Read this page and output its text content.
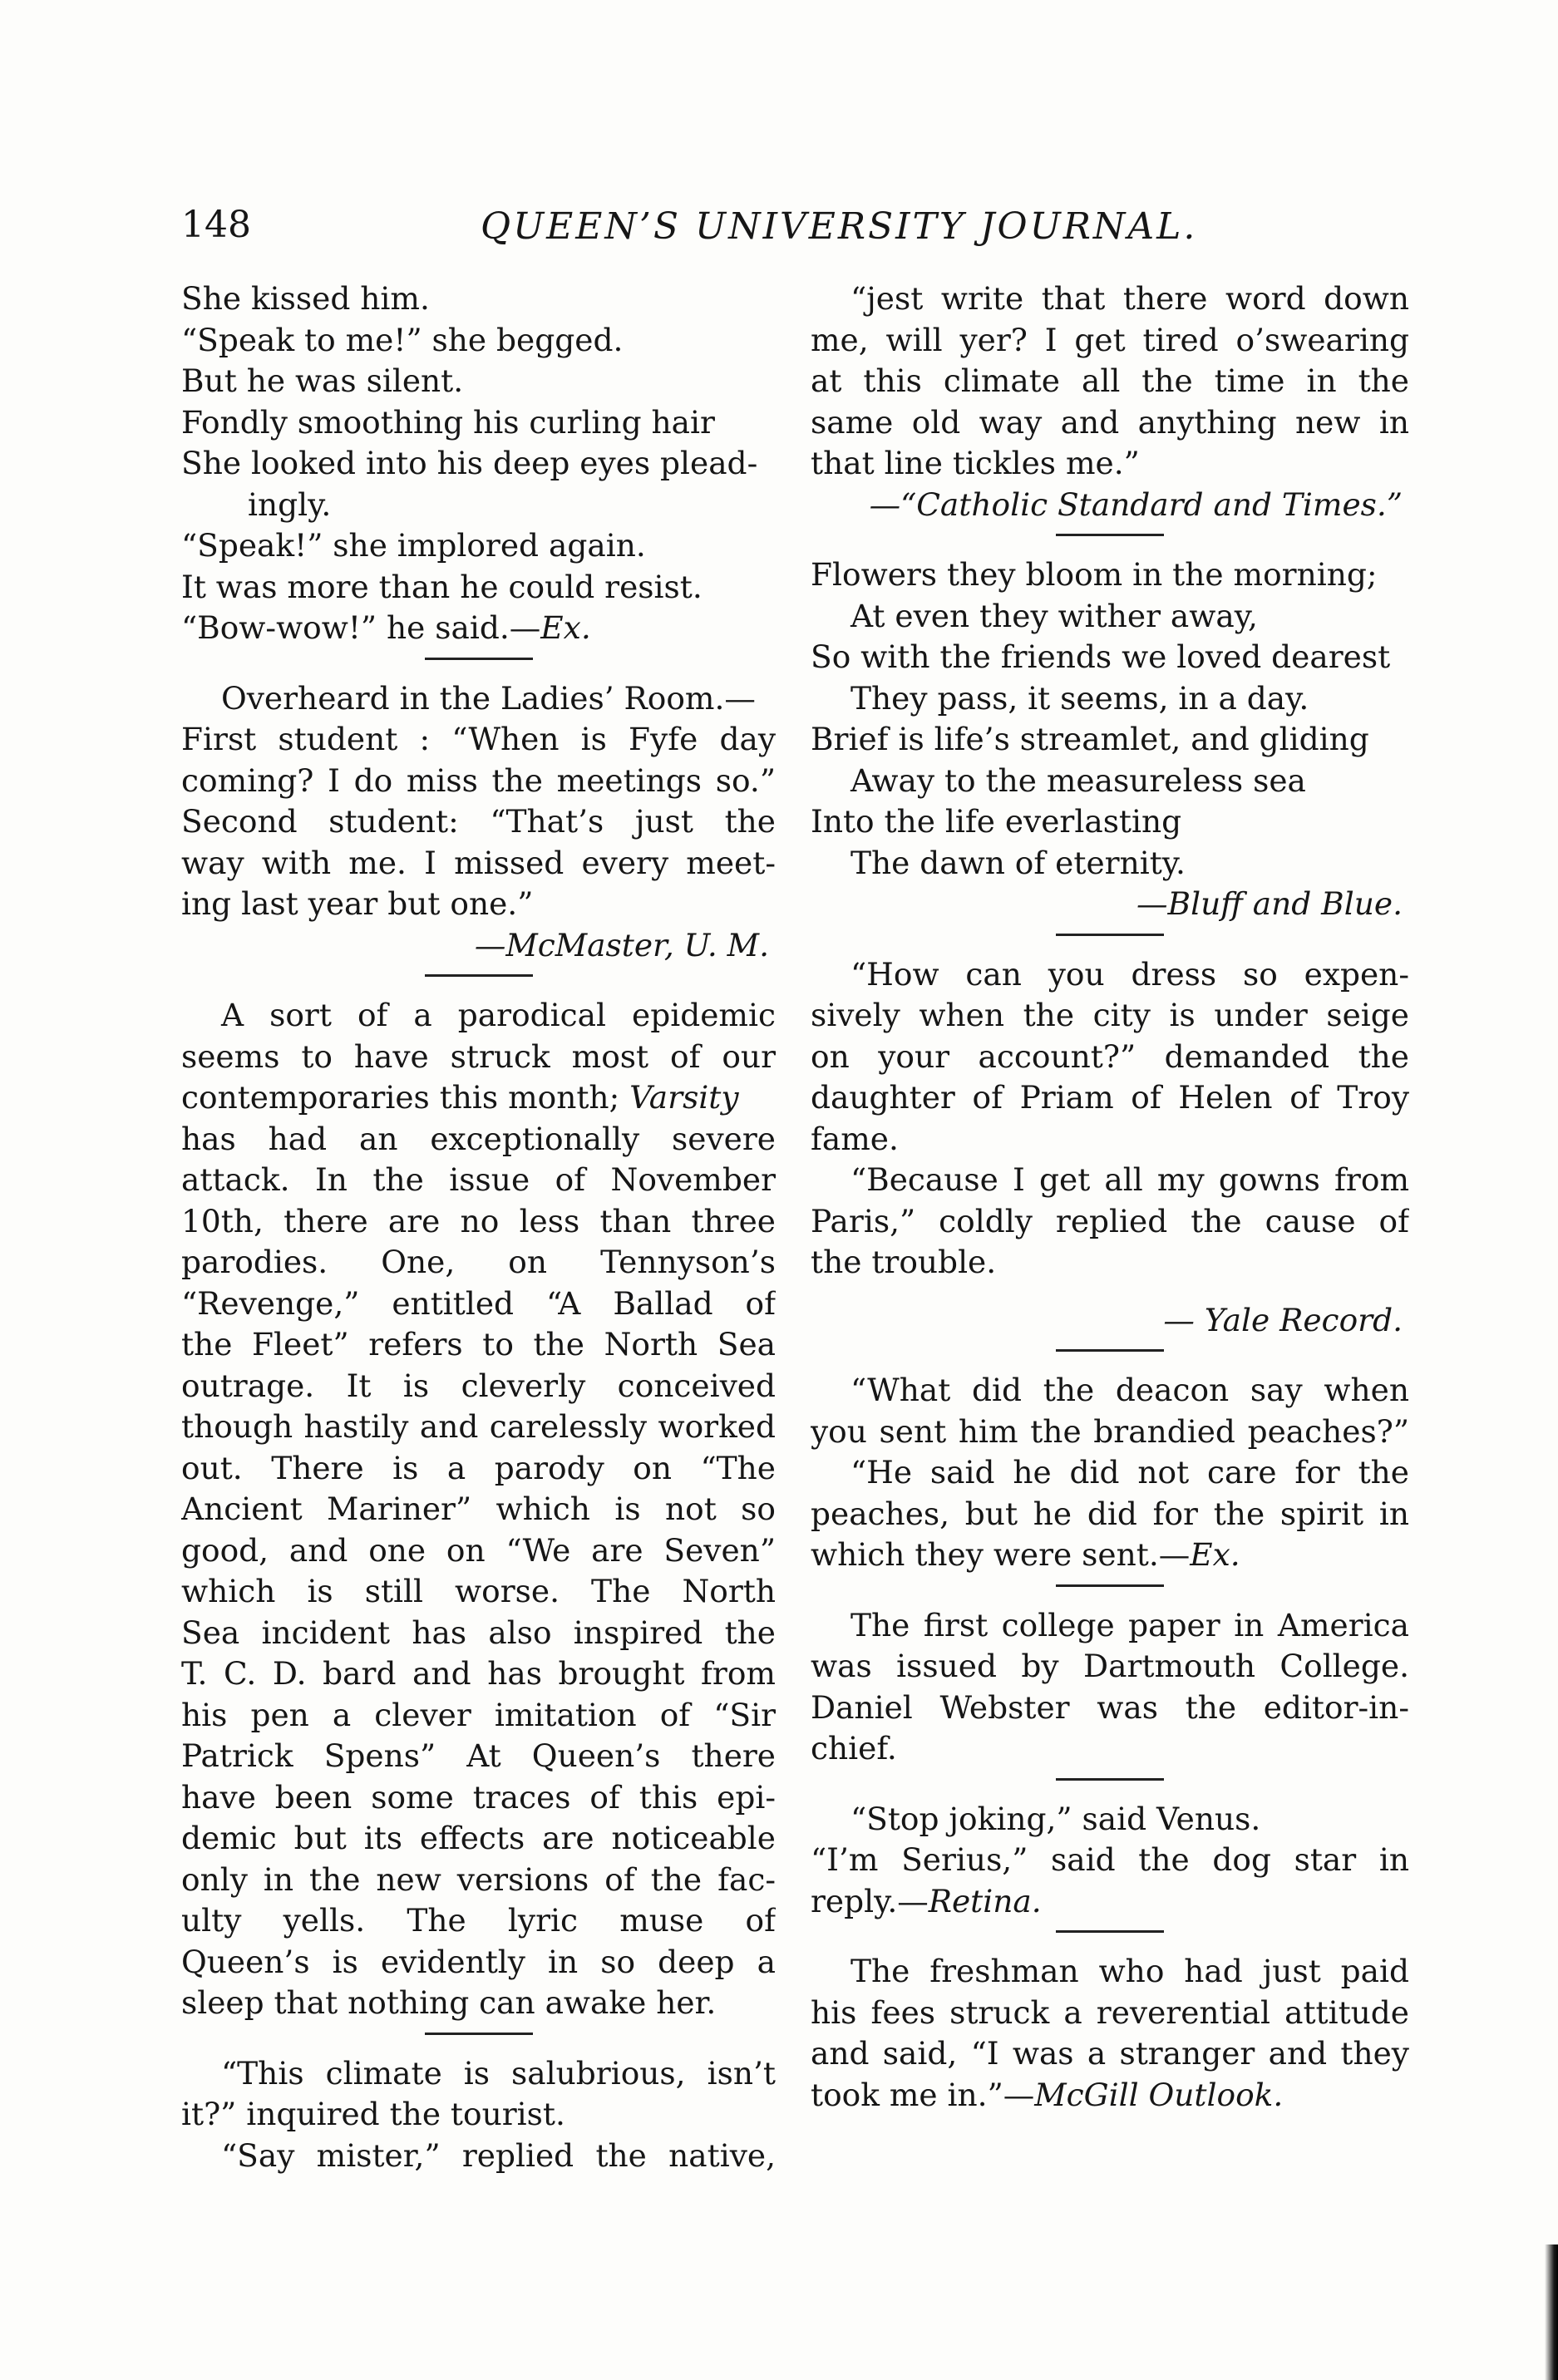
148	QUEEN’S UNIVERSITY JOURNAL.
She kissed him.
“Speak to me!” she begged.
But he was silent.
Fondly smoothing his curling hair
She looked into his deep eyes plead-
ingly.
“Speak!” she implored again.
It was more than he could resist.
“Bow-wow!” he said.—Ex.
Overheard in the Ladies’ Room.—
First student : “When is Fyfe day
coming? I do miss the meetings so.”
Second student: “That’s just the
way with me. I missed every meet-
ing last year but one.”
—McMaster, U. M.
A sort of a parodical epidemic
seems to have struck most of our
contemporaries this month; Varsity
has had an exceptionally severe
attack. In the issue of November
10th, there are no less than three
parodies. One, on Tennyson’s
“Revenge,” entitled “A Ballad of
the Fleet” refers to the North Sea
outrage. It is cleverly conceived
though hastily and carelessly worked
out. There is a parody on “The
Ancient Mariner” which is not so
good, and one on “We are Seven”
which is still worse. The North
Sea incident has also inspired the
T. C. D. bard and has brought from
his pen a clever imitation of “Sir
Patrick Spens” At Queen’s there
have been some traces of this epi-
demic but its effects are noticeable
only in the new versions of the fac-
ulty yells. The lyric muse of
Queen’s is evidently in so deep a
sleep that nothing can awake her.
“This climate is salubrious, isn’t
it?” inquired the tourist.
“Say mister,” replied the native,
“jest write that there word down
me, will yer? I get tired o’swearing
at this climate all the time in the
same old way and anything new in
that line tickles me.”
—“Catholic Standard and Times.”
Flowers they bloom in the morning;
At even they wither away,
So with the friends we loved dearest
They pass, it seems, in a day.
Brief is life’s streamlet, and gliding
Away to the measureless sea
Into the life everlasting
The dawn of eternity.
—Bluff and Blue.
“How can you dress so expen-
sively when the city is under seige
on your account?” demanded the
daughter of Priam of Helen of Troy
fame.
“Because I get all my gowns from
Paris,” coldly replied the cause of
the trouble.
— Yale Record.
“What did the deacon say when
you sent him the brandied peaches?”
“He said he did not care for the
peaches, but he did for the spirit in
which they were sent.—Ex.
The first college paper in America
was issued by Dartmouth College.
Daniel Webster was the editor-in-
chief.
“Stop joking,” said Venus.
“I’m Serius,” said the dog star in
reply.—Retina.
The freshman who had just paid
his fees struck a reverential attitude
and said, “I was a stranger and they
took me in.”—McGill Outlook.
